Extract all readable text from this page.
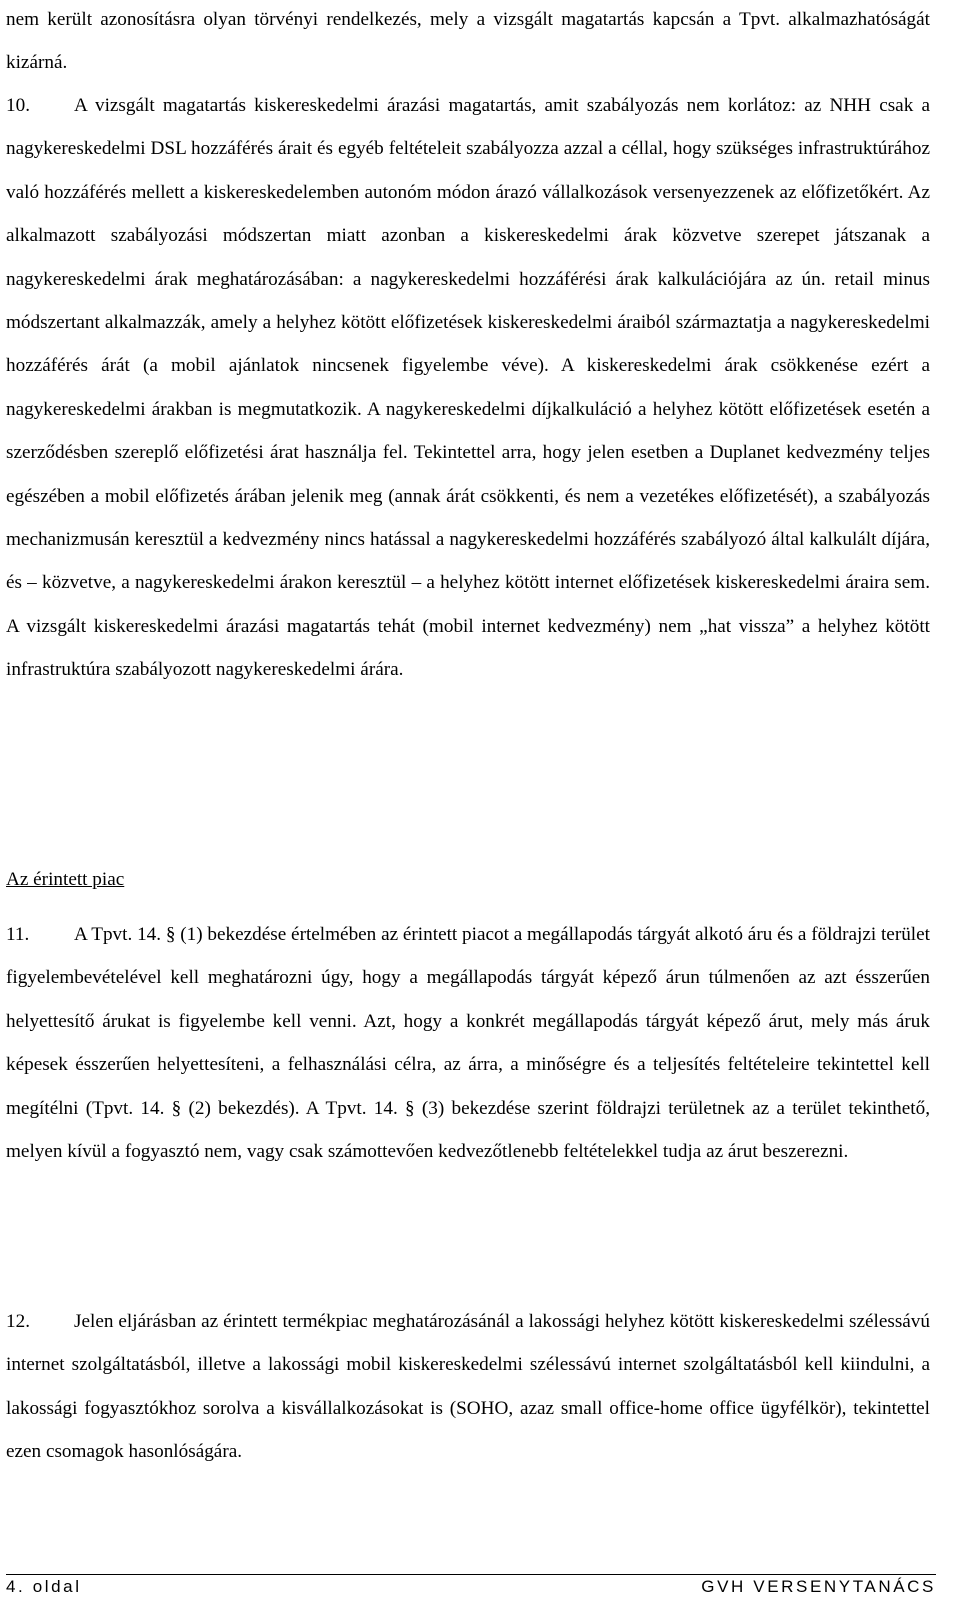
nem került azonosításra olyan törvényi rendelkezés, mely a vizsgált magatartás kapcsán a Tpvt. alkalmazhatóságát kizárná.

10. A vizsgált magatartás kiskereskedelmi árazási magatartás, amit szabályozás nem korlátoz: az NHH csak a nagykereskedelmi DSL hozzáférés árait és egyéb feltételeit szabályozza azzal a céllal, hogy szükséges infrastruktúrához való hozzáférés mellett a kiskereskedelemben autonóm módon árazó vállalkozások versenyezzenek az előfizetőkért. Az alkalmazott szabályozási módszertan miatt azonban a kiskereskedelmi árak közvetve szerepet játszanak a nagykereskedelmi árak meghatározásában: a nagykereskedelmi hozzáférési árak kalkulációjára az ún. retail minus módszertant alkalmazzák, amely a helyhez kötött előfizetések kiskereskedelmi áraiból származtatja a nagykereskedelmi hozzáférés árát (a mobil ajánlatok nincsenek figyelembe véve). A kiskereskedelmi árak csökkenése ezért a nagykereskedelmi árakban is megmutatkozik. A nagykereskedelmi díjkalkuláció a helyhez kötött előfizetések esetén a szerződésben szereplő előfizetési árat használja fel. Tekintettel arra, hogy jelen esetben a Duplanet kedvezmény teljes egészében a mobil előfizetés árában jelenik meg (annak árát csökkenti, és nem a vezetékes előfizetését), a szabályozás mechanizmusán keresztül a kedvezmény nincs hatással a nagykereskedelmi hozzáférés szabályozó által kalkulált díjára, és – közvetve, a nagykereskedelmi árakon keresztül – a helyhez kötött internet előfizetések kiskereskedelmi áraira sem. A vizsgált kiskereskedelmi árazási magatartás tehát (mobil internet kedvezmény) nem „hat vissza” a helyhez kötött infrastruktúra szabályozott nagykereskedelmi árára.

Az érintett piac

11. A Tpvt. 14. § (1) bekezdése értelmében az érintett piacot a megállapodás tárgyát alkotó áru és a földrajzi terület figyelembevételével kell meghatározni úgy, hogy a megállapodás tárgyát képező árun túlmenően az azt ésszerűen helyettesítő árukat is figyelembe kell venni. Azt, hogy a konkrét megállapodás tárgyát képező árut, mely más áruk képesek ésszerűen helyettesíteni, a felhasználási célra, az árra, a minőségre és a teljesítés feltételeire tekintettel kell megítélni (Tpvt. 14. § (2) bekezdés). A Tpvt. 14. § (3) bekezdése szerint földrajzi területnek az a terület tekinthető, melyen kívül a fogyasztó nem, vagy csak számottevően kedvezőtlenebb feltételekkel tudja az árut beszerezni.

12. Jelen eljárásban az érintett termékpiac meghatározásánál a lakossági helyhez kötött kiskereskedelmi szélessávú internet szolgáltatásból, illetve a lakossági mobil kiskereskedelmi szélessávú internet szolgáltatásból kell kiindulni, a lakossági fogyasztókhoz sorolva a kisvállalkozásokat is (SOHO, azaz small office-home office ügyfélkör), tekintettel ezen csomagok hasonlóságára.

4. oldal	GVH VERSENYTANÁCS
